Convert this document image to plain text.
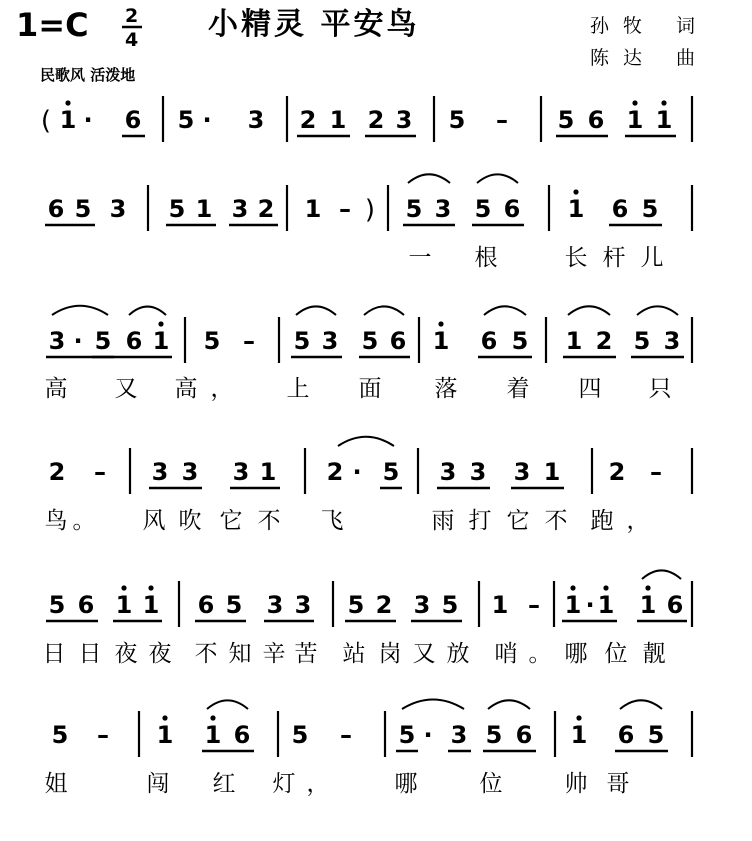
1=C 2
4 小精灵 平安鸟	孙牧 词
陈达 曲
民歌风 活泼地
( 1 · 6 5 · 3 2 1 2 3 5 – 5 6 1 1
6 5 3 5 1 3 2 1 – ) 5 3 5 6 1 6 5
一 根	长 杆 儿
3 · 5 6 1 5 – 5 3 5 6 1 6 5 1 2 5 3
高 又 高 ， 上 面 落 着 四 只
2 – 3 3 3 1 2 · 5 3 3 3 1 2 –
鸟 。 风 吹 它 不 飞	雨 打 它 不 跑 ，
5 6 1 1 6 5 3 3 5 2 3 5 1 – 1 · 1 1 6
日 日 夜 夜 不 知 辛 苦 站 岗 又 放 哨 。 哪 位 靓
5 – 1 1 6 5 – 5 · 3 5 6 1 6 5
姐	闯 红 灯 ，	哪	位	帅 哥
